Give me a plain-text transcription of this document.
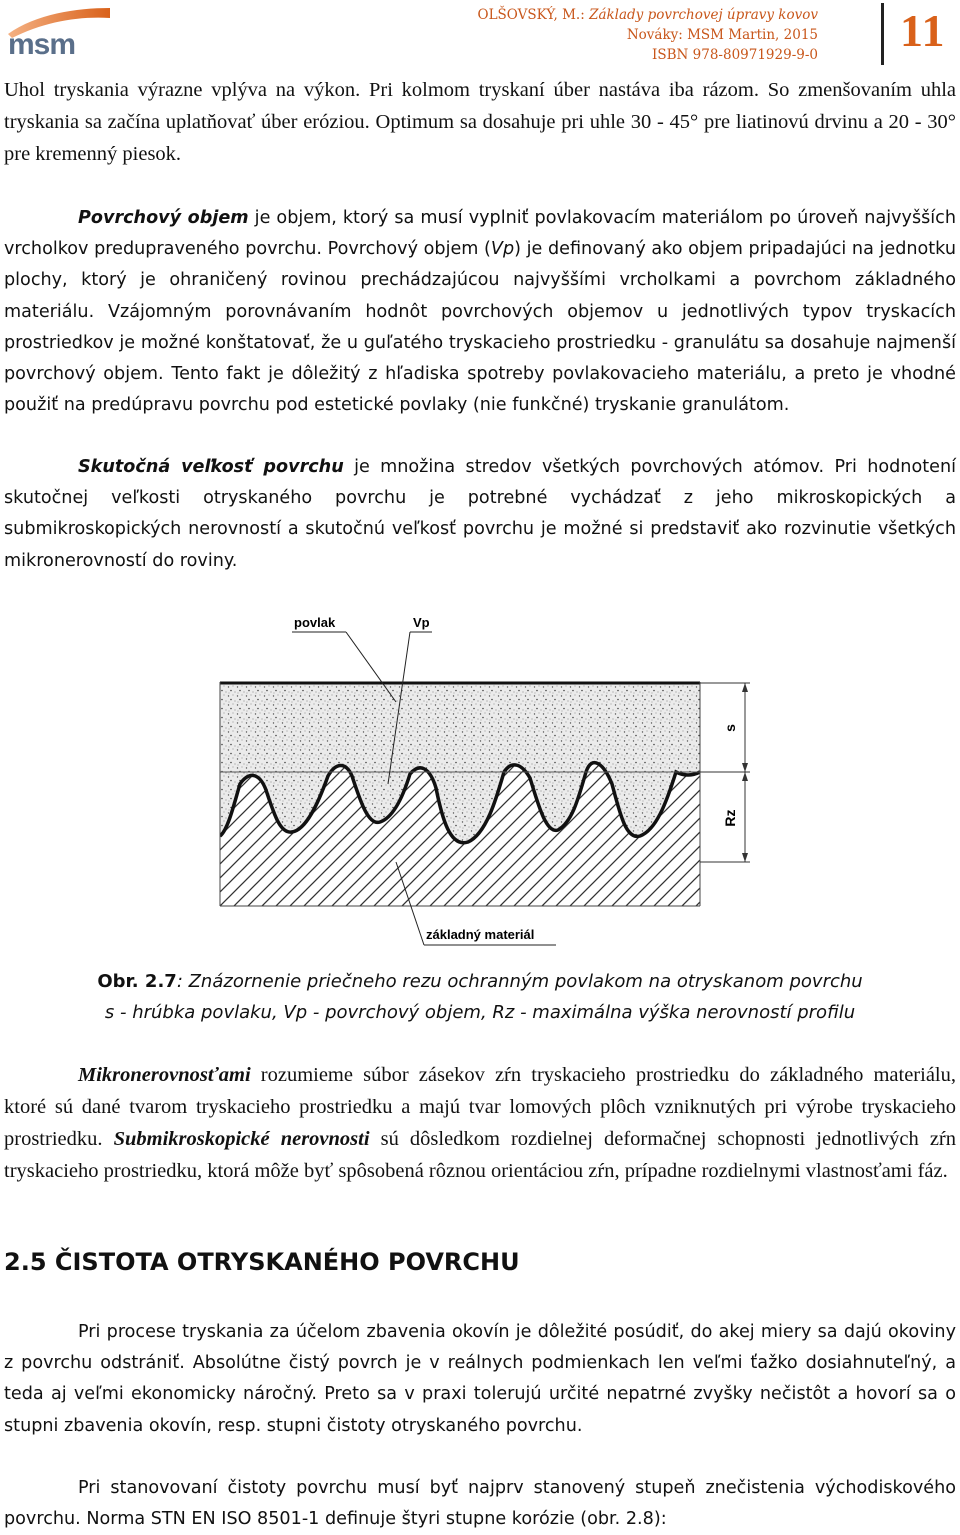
msm
OLŠOVSKÝ, M.: Základy povrchovej úpravy kovov
Nováky: MSM Martin, 2015
ISBN 978-80971929-9-0 11

Uhol tryskania výrazne vplýva na výkon. Pri kolmom tryskaní úber nastáva iba rázom. So zmenšovaním uhla tryskania sa začína uplatňovať úber eróziou. Optimum sa dosahuje pri uhle 30 - 45° pre liatinovú drvinu a 20 - 30° pre kremenný piesok.

Povrchový objem je objem, ktorý sa musí vyplniť povlakovacím materiálom po úroveň najvyšších vrcholkov predupraveného povrchu. Povrchový objem (Vp) je definovaný ako objem pripadajúci na jednotku plochy, ktorý je ohraničený rovinou prechádzajúcou najvyššími vrcholkami a povrchom základného materiálu. Vzájomným porovnávaním hodnôt povrchových objemov u jednotlivých typov tryskacích prostriedkov je možné konštatovať, že u guľatého tryskacieho prostriedku - granulátu sa dosahuje najmenší povrchový objem. Tento fakt je dôležitý z hľadiska spotreby povlakovacieho materiálu, a preto je vhodné použiť na predúpravu povrchu pod estetické povlaky (nie funkčné) tryskanie granulátom.

Skutočná veľkosť povrchu je množina stredov všetkých povrchových atómov. Pri hodnotení skutočnej veľkosti otryskaného povrchu je potrebné vychádzať z jeho mikroskopických a submikroskopických nerovností a skutočnú veľkosť povrchu je možné si predstaviť ako rozvinutie všetkých mikronerovností do roviny.

s
Rz
povlak	Vp
základný materiál
Obr. 2.7: Znázornenie priečneho rezu ochranným povlakom na otryskanom povrchu
s - hrúbka povlaku, Vp - povrchový objem, Rz - maximálna výška nerovností profilu

Mikronerovnosťami rozumieme súbor zásekov zŕn tryskacieho prostriedku do základného materiálu, ktoré sú dané tvarom tryskacieho prostriedku a majú tvar lomových plôch vzniknutých pri výrobe tryskacieho prostriedku. Submikroskopické nerovnosti sú dôsledkom rozdielnej deformačnej schopnosti jednotlivých zŕn tryskacieho prostriedku, ktorá môže byť spôsobená rôznou orientáciou zŕn, prípadne rozdielnymi vlastnosťami fáz.

2.5 ČISTOTA OTRYSKANÉHO POVRCHU

Pri procese tryskania za účelom zbavenia okovín je dôležité posúdiť, do akej miery sa dajú okoviny z povrchu odstrániť. Absolútne čistý povrch je v reálnych podmienkach len veľmi ťažko dosiahnuteľný, a teda aj veľmi ekonomicky náročný. Preto sa v praxi tolerujú určité nepatrné zvyšky nečistôt a hovorí sa o stupni zbavenia okovín, resp. stupni čistoty otryskaného povrchu.

Pri stanovovaní čistoty povrchu musí byť najprv stanovený stupeň znečistenia východiskového povrchu. Norma STN EN ISO 8501-1 definuje štyri stupne korózie (obr. 2.8):
